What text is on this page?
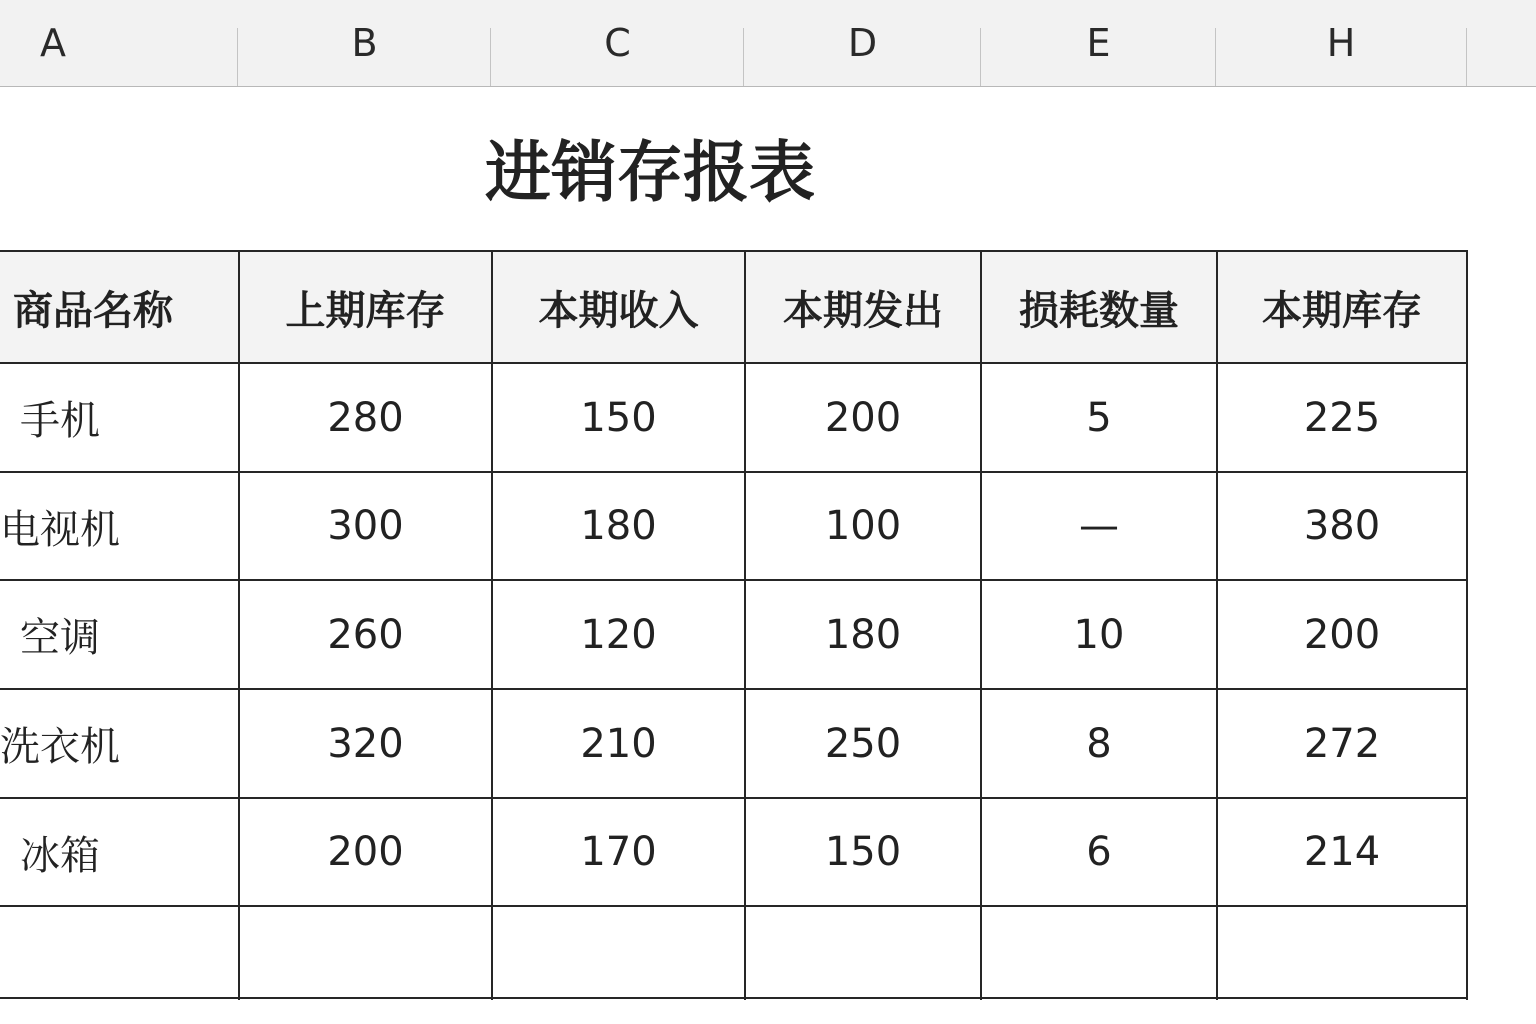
A	B	C	D	E	H
进销存报表
商品名称	上期库存	本期收入	本期发出	损耗数量	本期库存
手机	280	150	200	5	225
电视机	300	180	100	—	380
空调	260	120	180	10	200
洗衣机	320	210	250	8	272
冰箱	200	170	150	6	214
